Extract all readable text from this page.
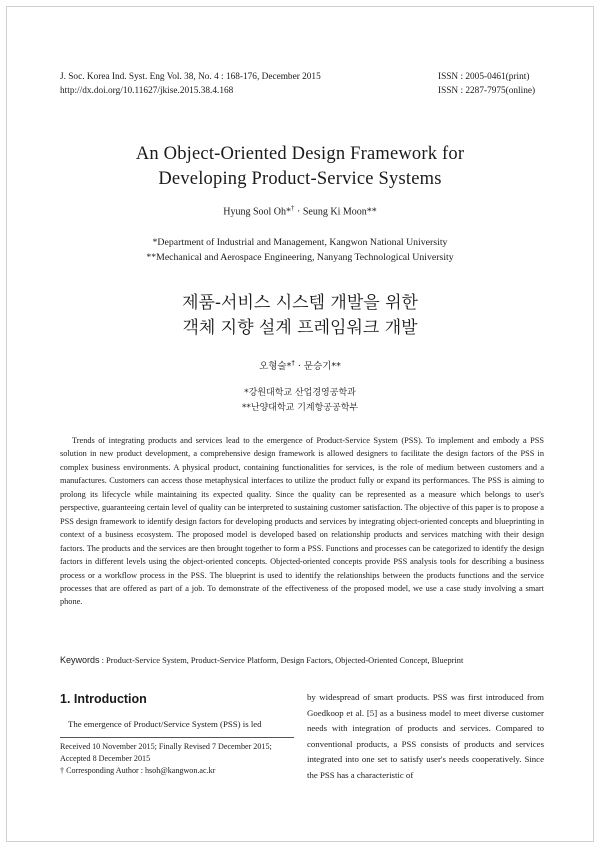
J. Soc. Korea Ind. Syst. Eng Vol. 38, No. 4 : 168-176, December 2015
http://dx.doi.org/10.11627/jkise.2015.38.4.168
ISSN : 2005-0461(print)
ISSN : 2287-7975(online)
An Object-Oriented Design Framework for
Developing Product-Service Systems
Hyung Sool Oh*† · Seung Ki Moon**
*Department of Industrial and Management, Kangwon National University
**Mechanical and Aerospace Engineering, Nanyang Technological University
제품-서비스 시스템 개발을 위한
객체 지향 설계 프레임워크 개발
오형술*† · 문승기**
*강원대학교 산업경영공학과
**난양대학교 기계항공공학부

Trends of integrating products and services lead to the emergence of Product-Service System (PSS). To implement and embody a PSS solution in new product development, a comprehensive design framework is allowed designers to facilitate the design factors of the PSS in complex business environments. A physical product, containing functionalities for services, is the role of medium between customers and a manufactures. Customers can access those metaphysical interfaces to utilize the product fully or expand its performances. The PSS is aiming to prolong its lifecycle while maintaining its expected quality. Since the quality can be represented as a measure which belongs to user's perspective, guaranteeing certain level of quality can be interpreted to sustaining customer satisfaction. The objective of this paper is to propose a PSS design framework to identify design factors for developing products and services by integrating object-oriented concepts and blueprinting in context of a business ecosystem. The proposed model is developed based on relationship products and services matching with their design factors. The products and the services are then brought together to form a PSS. Functions and processes can be categorized to identify the design factors in different levels using the object-oriented concepts. Objected-oriented concepts provide PSS analysis tools for describing a business process or a workflow process in the PSS. The blueprint is used to identify the relationships between the products functions and the service processes that are offered as part of a job. To demonstrate of the effectiveness of the proposed model, we use a case study involving a smart phone.

Keywords : Product-Service System, Product-Service Platform, Design Factors, Objected-Oriented Concept, Blueprint
1. Introduction

The emergence of Product/Service System (PSS) is led

Received 10 November 2015; Finally Revised 7 December 2015;
Accepted 8 December 2015
† Corresponding Author : hsoh@kangwon.ac.kr

by widespread of smart products. PSS was first introduced from Goedkoop et al. [5] as a business model to meet diverse customer needs with integration of products and services. Compared to conventional products, a PSS consists of products and services integrated into one set to satisfy user's needs cooperatively. Since the PSS has a characteristic of
